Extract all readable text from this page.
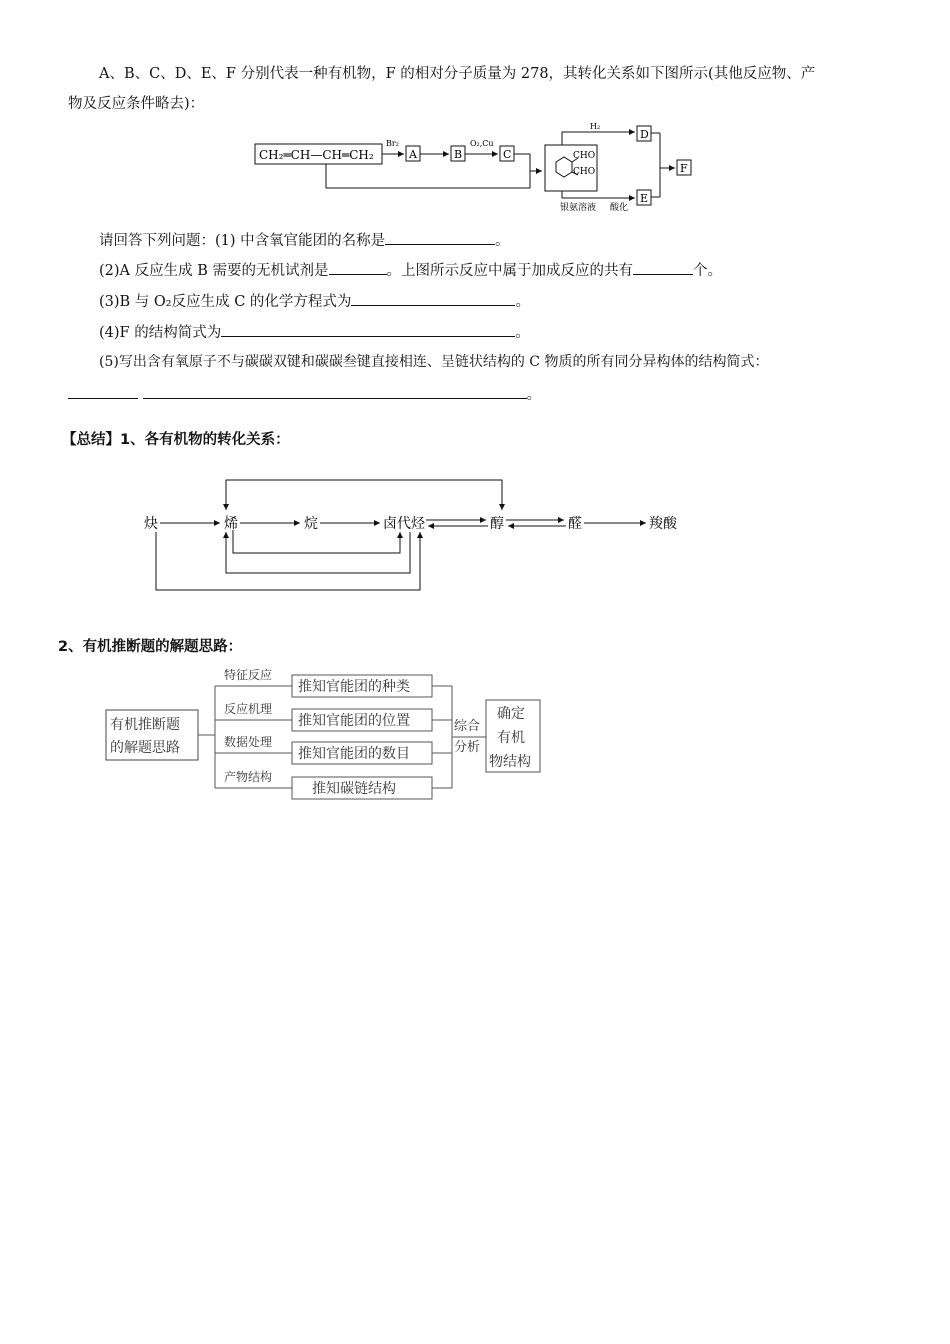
A、B、C、D、E、F 分别代表一种有机物，F 的相对分子质量为 278，其转化关系如下图所示(其他反应物、产
物及反应条件略去)：
CH₂═CH—CH═CH₂
Br₂
A	B
O₂,Cu
C	CHO
CHO
H₂
D
E
银氨溶液 酸化
F
请回答下列问题：(1) 中含氧官能团的名称是	。
(2)A 反应生成 B 需要的无机试剂是	。上图所示反应中属于加成反应的共有	个。
(3)B 与 O₂反应生成 C 的化学方程式为	。
(4)F 的结构简式为	。
(5)写出含有氧原子不与碳碳双键和碳碳叁键直接相连、呈链状结构的 C 物质的所有同分异构体的结构简式：
。
【总结】1、各有机物的转化关系：
炔	烯	烷	卤代烃	醇	醛	羧酸
2、有机推断题的解题思路：
有机推断题
的解题思路
特征反应
反应机理
数据处理
产物结构
推知官能团的种类
推知官能团的位置
推知官能团的数目
推知碳链结构
综合
分析
确定
有机
物结构
